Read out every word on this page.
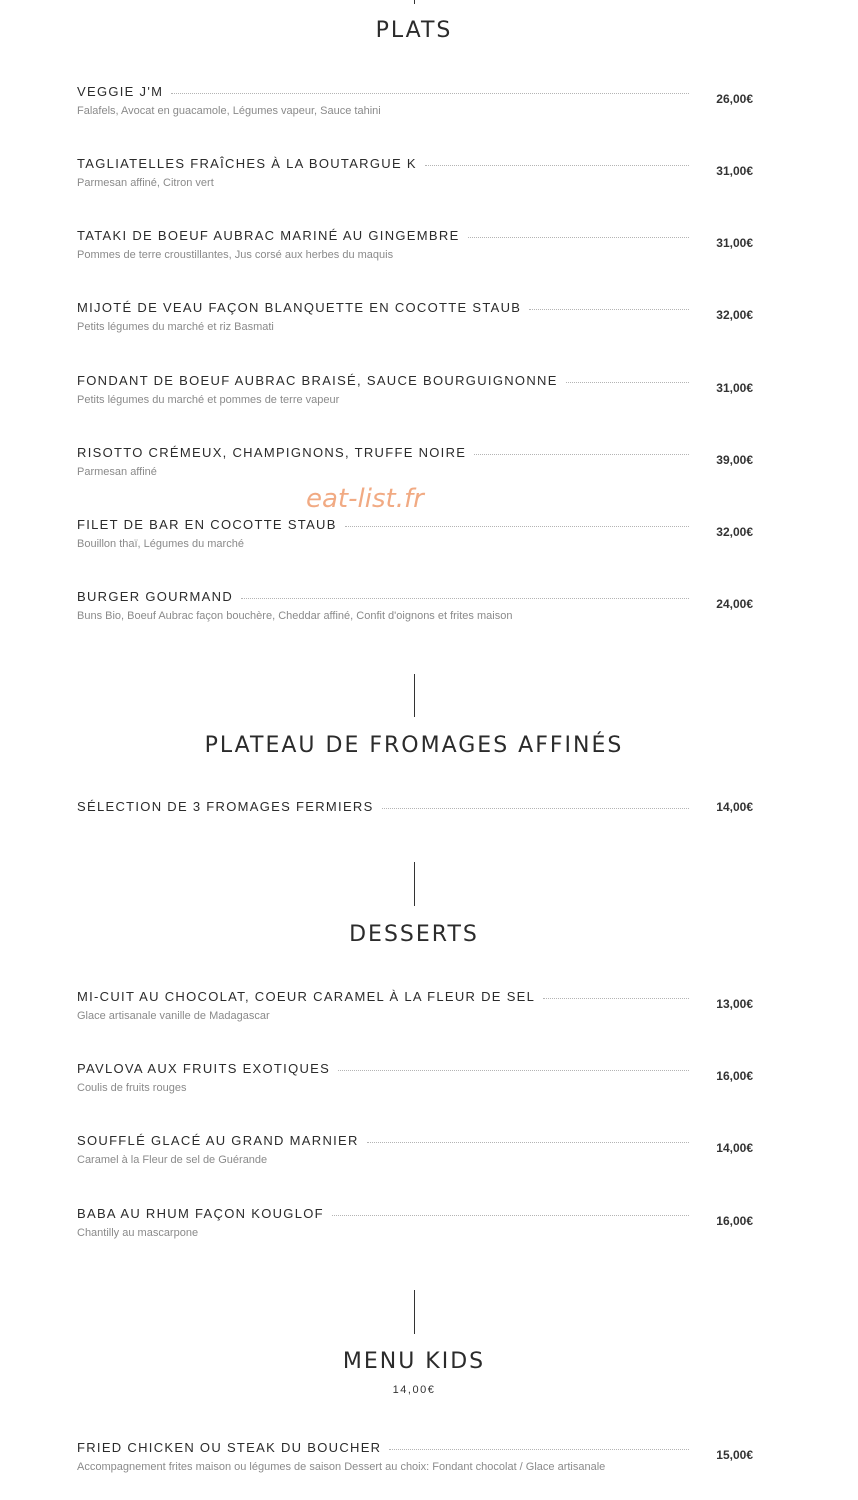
PLATS
VEGGIE J'M	26,00€
Falafels, Avocat en guacamole, Légumes vapeur, Sauce tahini
TAGLIATELLES FRAÎCHES À LA BOUTARGUE K	31,00€
Parmesan affiné, Citron vert
TATAKI DE BOEUF AUBRAC MARINÉ AU GINGEMBRE	31,00€
Pommes de terre croustillantes, Jus corsé aux herbes du maquis
MIJOTÉ DE VEAU FAÇON BLANQUETTE EN COCOTTE STAUB	32,00€
Petits légumes du marché et riz Basmati
FONDANT DE BOEUF AUBRAC BRAISÉ, SAUCE BOURGUIGNONNE	31,00€
Petits légumes du marché et pommes de terre vapeur
RISOTTO CRÉMEUX, CHAMPIGNONS, TRUFFE NOIRE	39,00€
Parmesan affiné
FILET DE BAR EN COCOTTE STAUB	32,00€
Bouillon thaï, Légumes du marché
BURGER GOURMAND	24,00€
Buns Bio, Boeuf Aubrac façon bouchère, Cheddar affiné, Confit d'oignons et frites maison
eat-list.fr
PLATEAU DE FROMAGES AFFINÉS
SÉLECTION DE 3 FROMAGES FERMIERS	14,00€
DESSERTS
MI-CUIT AU CHOCOLAT, COEUR CARAMEL À LA FLEUR DE SEL	13,00€
Glace artisanale vanille de Madagascar
PAVLOVA AUX FRUITS EXOTIQUES	16,00€
Coulis de fruits rouges
SOUFFLÉ GLACÉ AU GRAND MARNIER	14,00€
Caramel à la Fleur de sel de Guérande
BABA AU RHUM FAÇON KOUGLOF	16,00€
Chantilly au mascarpone
MENU KIDS
14,00€
FRIED CHICKEN OU STEAK DU BOUCHER	15,00€
Accompagnement frites maison ou légumes de saison Dessert au choix: Fondant chocolat / Glace artisanale
